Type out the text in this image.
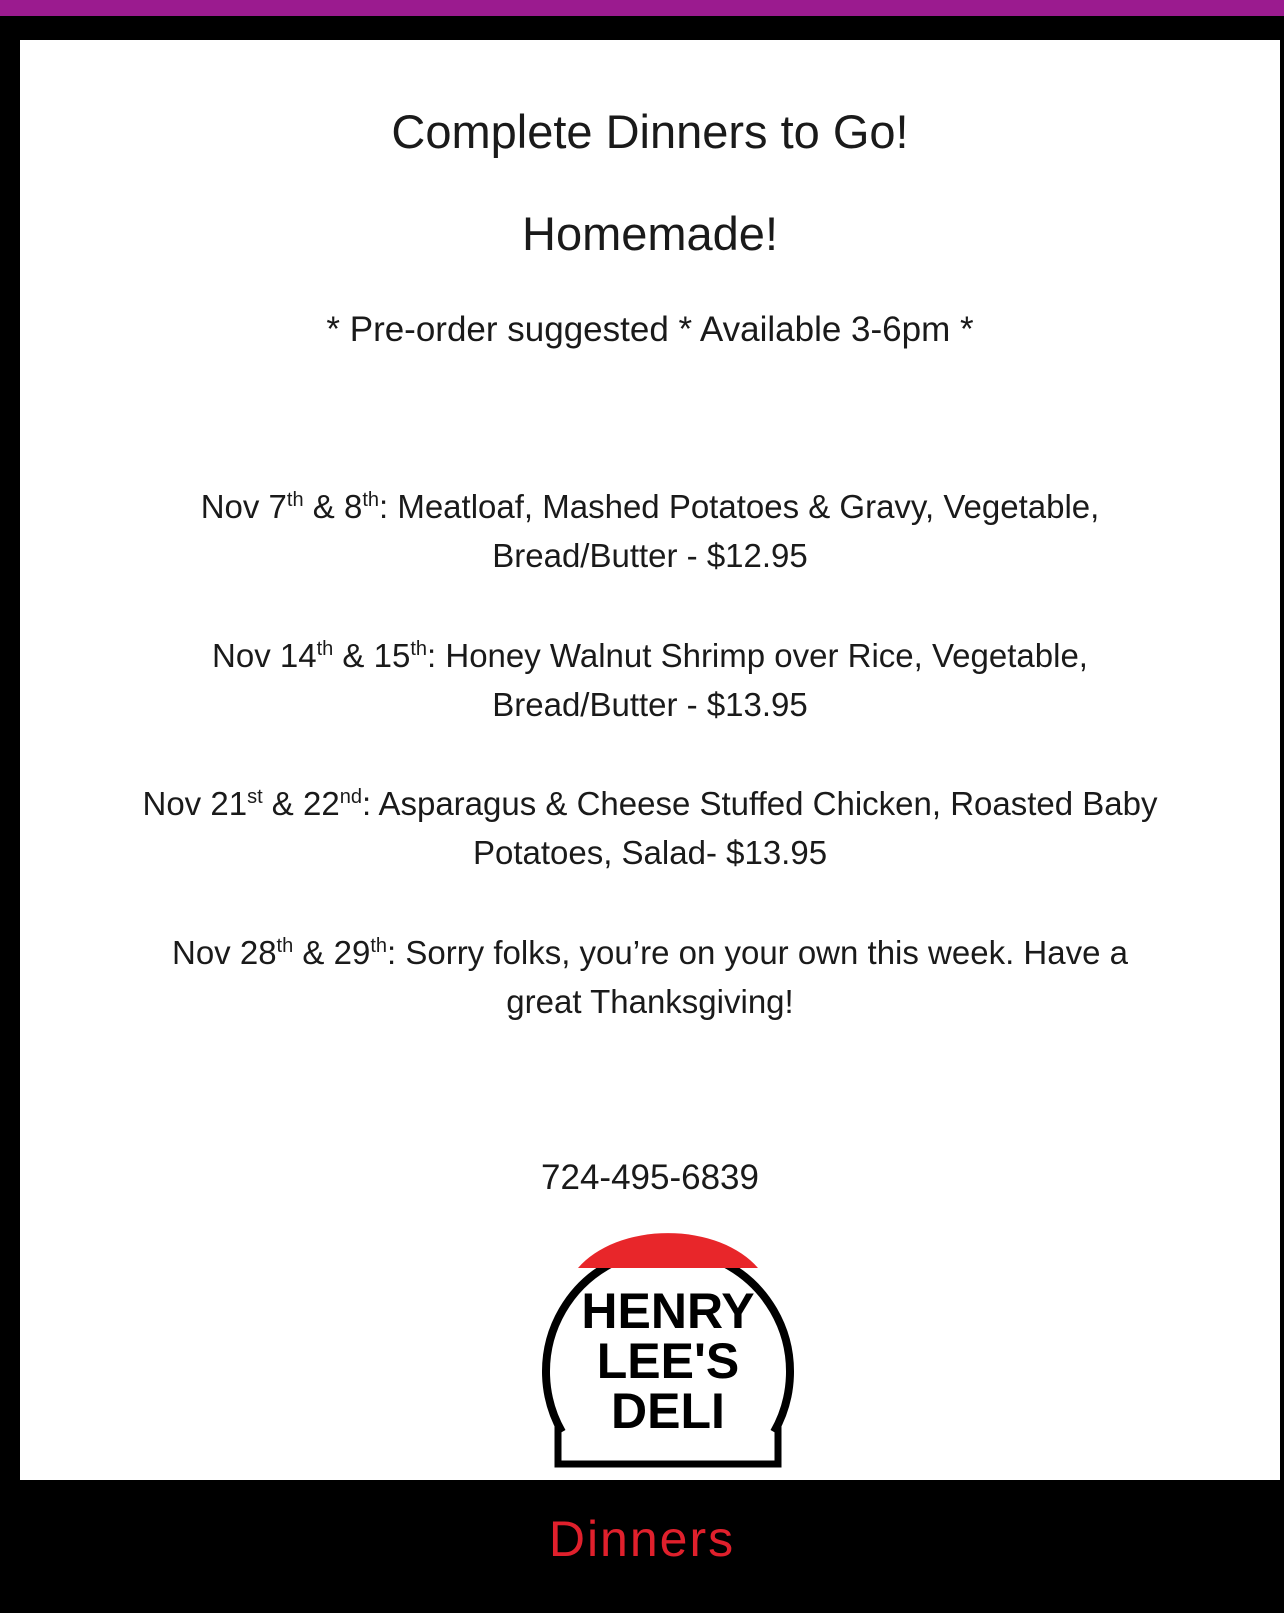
Complete Dinners to Go!
Homemade!
* Pre-order suggested * Available 3-6pm *
Nov 7th & 8th: Meatloaf, Mashed Potatoes & Gravy, Vegetable,
Bread/Butter - $12.95
Nov 14th & 15th: Honey Walnut Shrimp over Rice, Vegetable,
Bread/Butter - $13.95
Nov 21st & 22nd: Asparagus & Cheese Stuffed Chicken, Roasted Baby
Potatoes, Salad- $13.95
Nov 28th & 29th: Sorry folks, you’re on your own this week. Have a
great Thanksgiving!
724-495-6839
HENRY
LEE'S
DELI
Dinners
